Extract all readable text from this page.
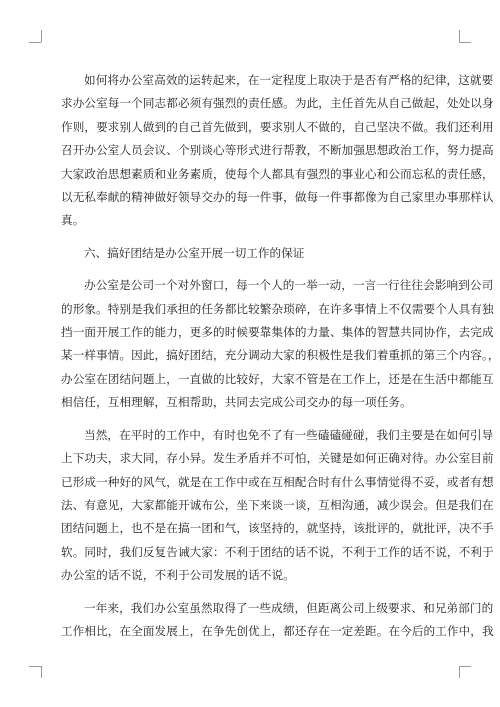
如何将办公室高效的运转起来，在一定程度上取决于是否有严格的纪律，这就要
求办公室每一个同志都必须有强烈的责任感。为此，主任首先从自己做起，处处以身
作则，要求别人做到的自己首先做到，要求别人不做的，自己坚决不做。我们还利用
召开办公室人员会议、个别谈心等形式进行帮教，不断加强思想政治工作，努力提高
大家政治思想素质和业务素质，使每个人都具有强烈的事业心和公而忘私的责任感，
以无私奉献的精神做好领导交办的每一件事，做每一件事都像为自己家里办事那样认
真。

六、搞好团结是办公室开展一切工作的保证

办公室是公司一个对外窗口，每一个人的一举一动，一言一行往往会影响到公司
的形象。特别是我们承担的任务都比较繁杂琐碎，在许多事情上不仅需要个人具有独
挡一面开展工作的能力，更多的时候要靠集体的力量、集体的智慧共同协作，去完成
某一样事情。因此，搞好团结，充分调动大家的积极性是我们着重抓的第三个内容。，
办公室在团结问题上，一直做的比较好，大家不管是在工作上，还是在生活中都能互
相信任，互相理解，互相帮助，共同去完成公司交办的每一项任务。

当然，在平时的工作中，有时也免不了有一些磕磕碰碰，我们主要是在如何引导
上下功夫，求大同，存小异。发生矛盾并不可怕，关键是如何正确对待。办公室目前
已形成一种好的风气，就是在工作中或在互相配合时有什么事情觉得不妥，或者有想
法、有意见，大家都能开诚布公，坐下来谈一谈，互相沟通，减少误会。但是我们在
团结问题上，也不是在搞一团和气，该坚持的，就坚持，该批评的，就批评，决不手
软。同时，我们反复告诫大家：不利于团结的话不说，不利于工作的话不说，不利于
办公室的话不说，不利于公司发展的话不说。

一年来，我们办公室虽然取得了一些成绩，但距离公司上级要求、和兄弟部门的
工作相比，在全面发展上，在争先创优上，都还存在一定差距。在今后的工作中，我
